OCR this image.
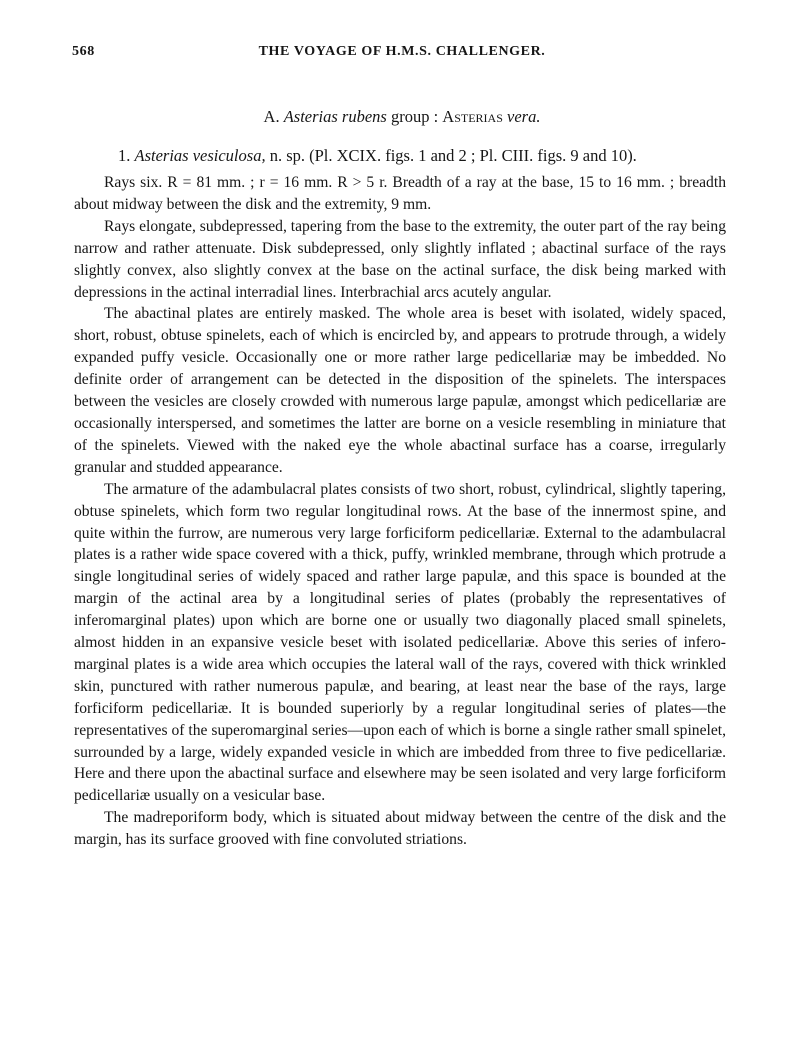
568	THE VOYAGE OF H.M.S. CHALLENGER.
A. Asterias rubens group : Asterias vera.
1. Asterias vesiculosa, n. sp. (Pl. XCIX. figs. 1 and 2 ; Pl. CIII. figs. 9 and 10).

Rays six. R = 81 mm. ; r = 16 mm. R > 5 r. Breadth of a ray at the base, 15 to 16 mm. ; breadth about midway between the disk and the extremity, 9 mm.

Rays elongate, subdepressed, tapering from the base to the extremity, the outer part of the ray being narrow and rather attenuate. Disk subdepressed, only slightly inflated ; abactinal surface of the rays slightly convex, also slightly convex at the base on the actinal surface, the disk being marked with depressions in the actinal interradial lines. Interbrachial arcs acutely angular.

The abactinal plates are entirely masked. The whole area is beset with isolated, widely spaced, short, robust, obtuse spinelets, each of which is encircled by, and appears to protrude through, a widely expanded puffy vesicle. Occasionally one or more rather large pedicellariæ may be imbedded. No definite order of arrangement can be detected in the disposition of the spinelets. The interspaces between the vesicles are closely crowded with numerous large papulæ, amongst which pedicellariæ are occasionally interspersed, and sometimes the latter are borne on a vesicle resembling in miniature that of the spinelets. Viewed with the naked eye the whole abactinal surface has a coarse, irregularly granular and studded appearance.

The armature of the adambulacral plates consists of two short, robust, cylindrical, slightly tapering, obtuse spinelets, which form two regular longitudinal rows. At the base of the innermost spine, and quite within the furrow, are numerous very large forficiform pedicellariæ. External to the adambulacral plates is a rather wide space covered with a thick, puffy, wrinkled membrane, through which protrude a single longitudinal series of widely spaced and rather large papulæ, and this space is bounded at the margin of the actinal area by a longitudinal series of plates (probably the representatives of inferomarginal plates) upon which are borne one or usually two diagonally placed small spinelets, almost hidden in an expansive vesicle beset with isolated pedicellariæ. Above this series of infero-marginal plates is a wide area which occupies the lateral wall of the rays, covered with thick wrinkled skin, punctured with rather numerous papulæ, and bearing, at least near the base of the rays, large forficiform pedicellariæ. It is bounded superiorly by a regular longitudinal series of plates—the representatives of the superomarginal series—upon each of which is borne a single rather small spinelet, surrounded by a large, widely expanded vesicle in which are imbedded from three to five pedicellariæ. Here and there upon the abactinal surface and elsewhere may be seen isolated and very large forficiform pedicellariæ usually on a vesicular base.

The madreporiform body, which is situated about midway between the centre of the disk and the margin, has its surface grooved with fine convoluted striations.
